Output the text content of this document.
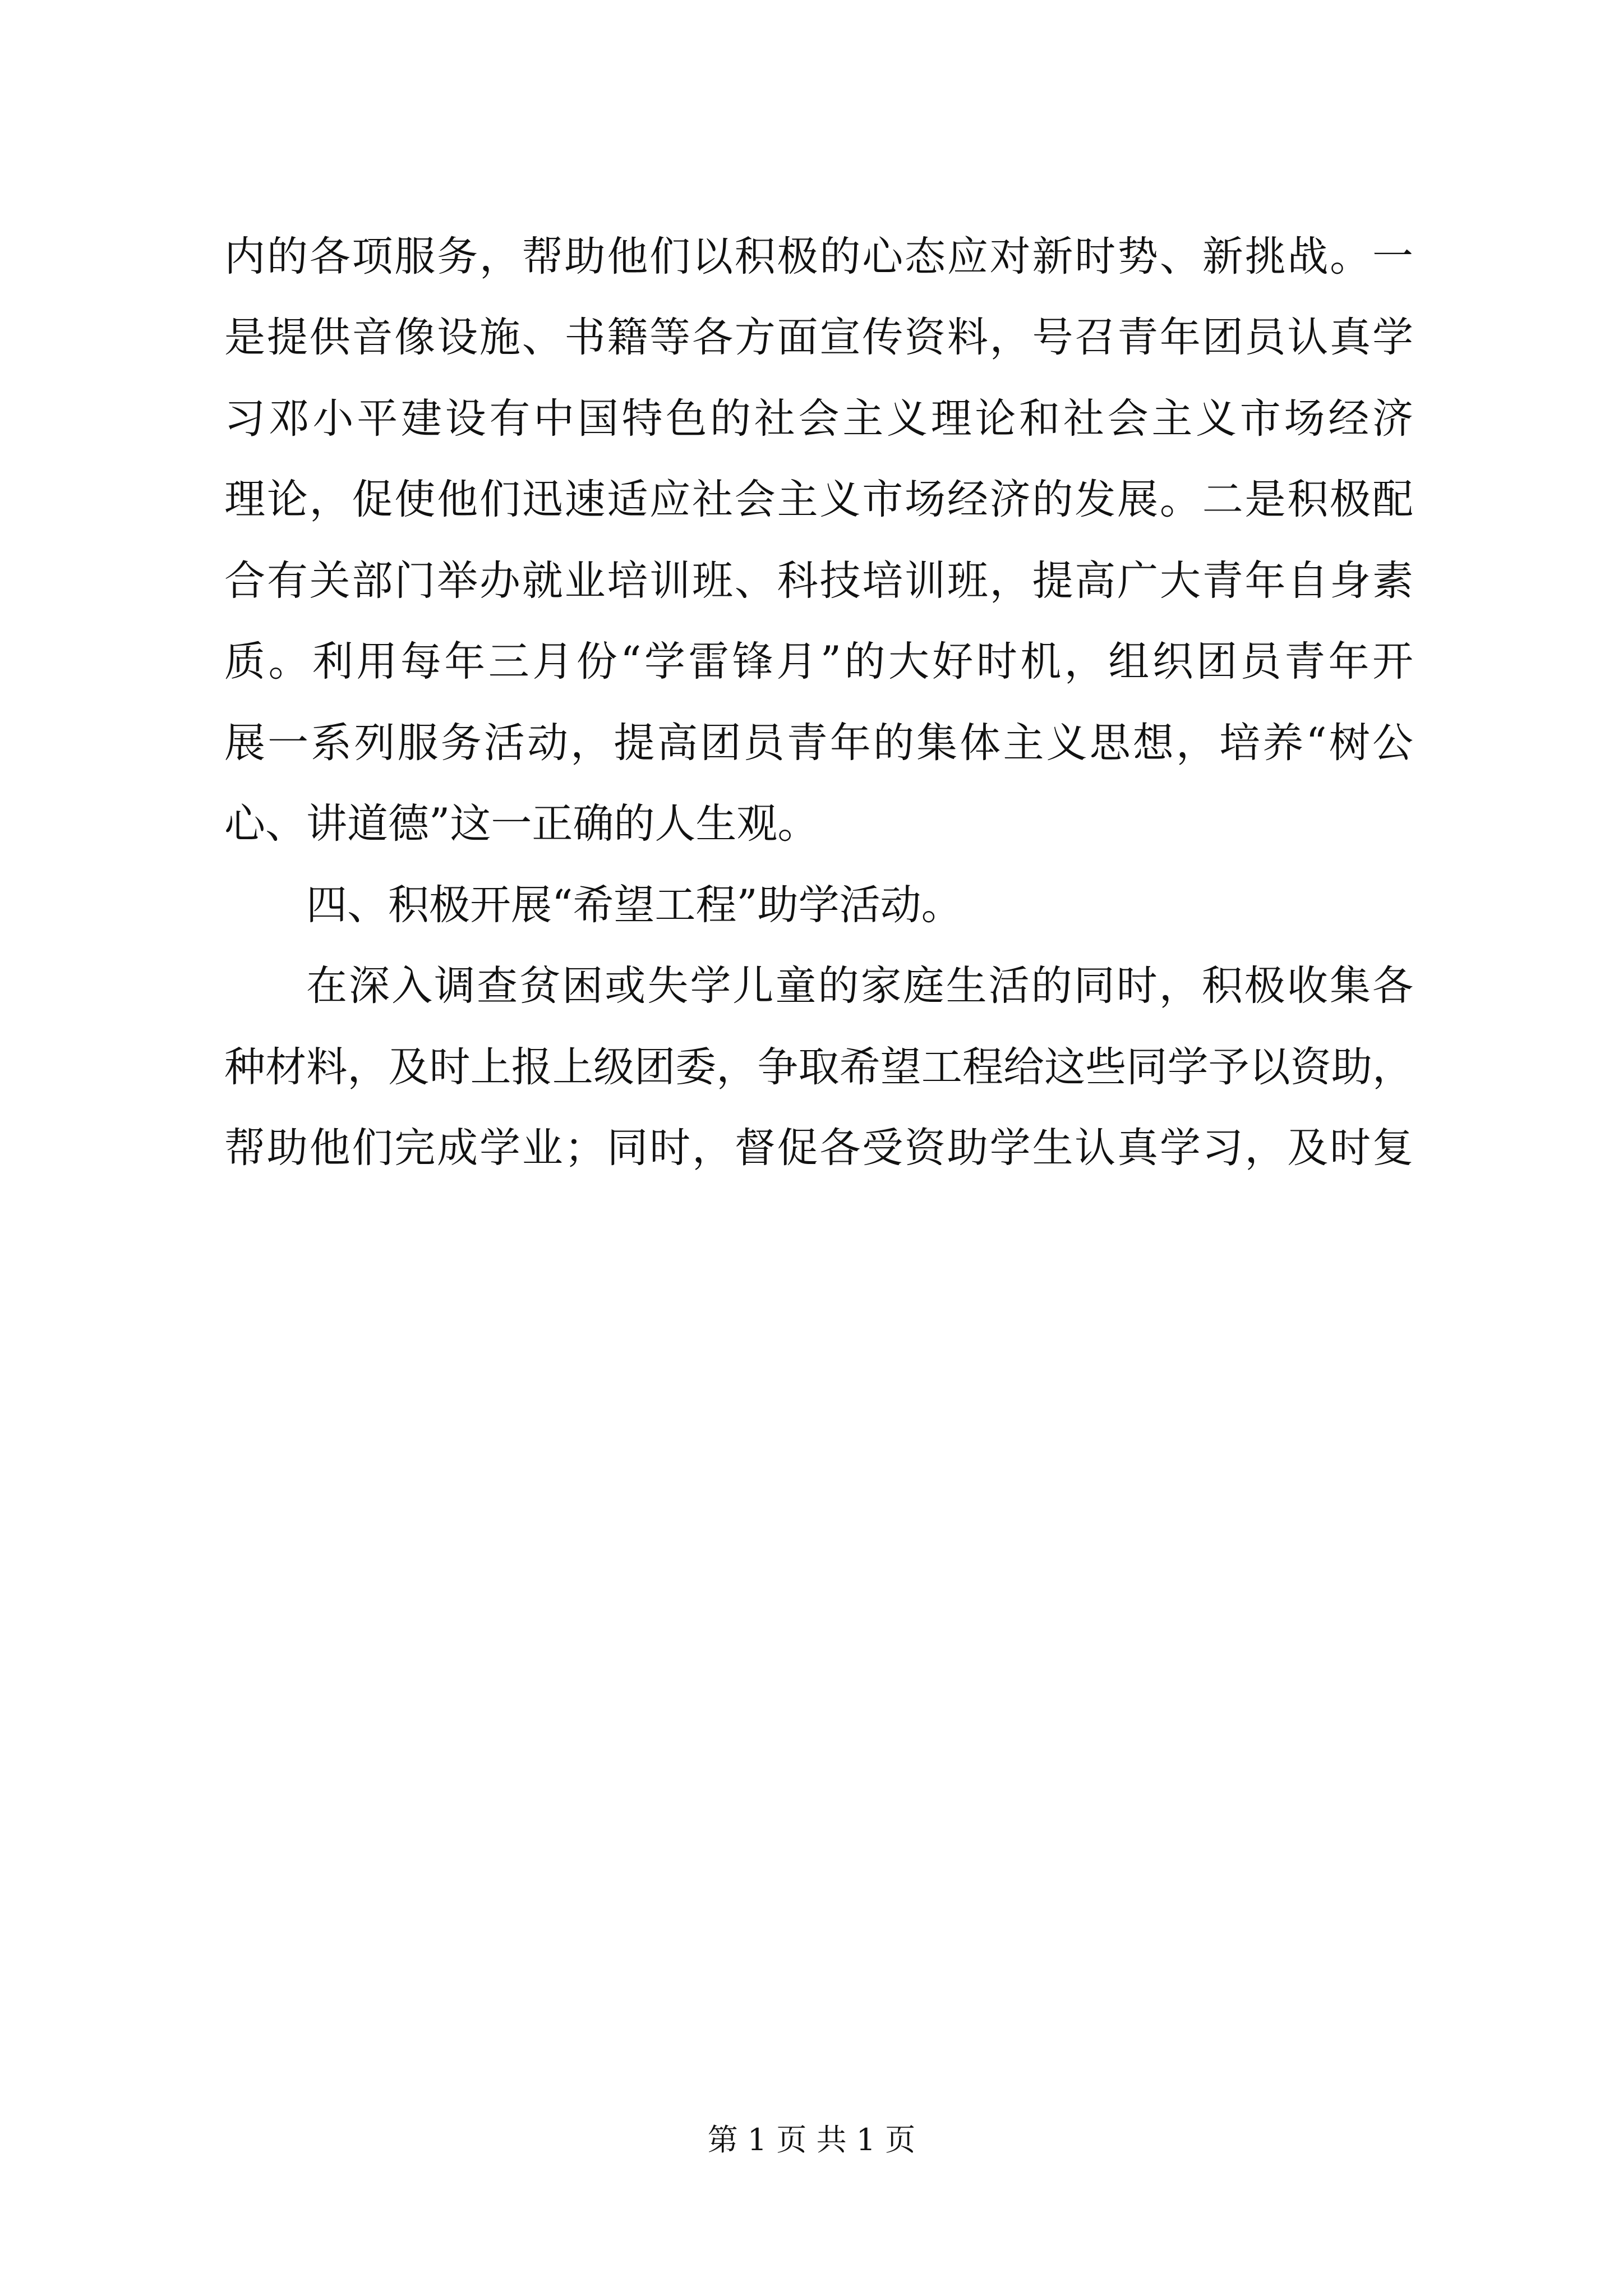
内的各项服务，帮助他们以积极的心态应对新时势、新挑战。一
是提供音像设施、书籍等各方面宣传资料，号召青年团员认真学
习邓小平建设有中国特色的社会主义理论和社会主义市场经济
理论，促使他们迅速适应社会主义市场经济的发展。二是积极配
合有关部门举办就业培训班、科技培训班，提高广大青年自身素
质。利用每年三月份“学雷锋月”的大好时机，组织团员青年开
展一系列服务活动，提高团员青年的集体主义思想，培养“树公
心、讲道德”这一正确的人生观。
四、积极开展“希望工程”助学活动。
在深入调查贫困或失学儿童的家庭生活的同时，积极收集各
种材料，及时上报上级团委，争取希望工程给这些同学予以资助，
帮助他们完成学业；同时，督促各受资助学生认真学习，及时复
第 1 页 共 1 页
